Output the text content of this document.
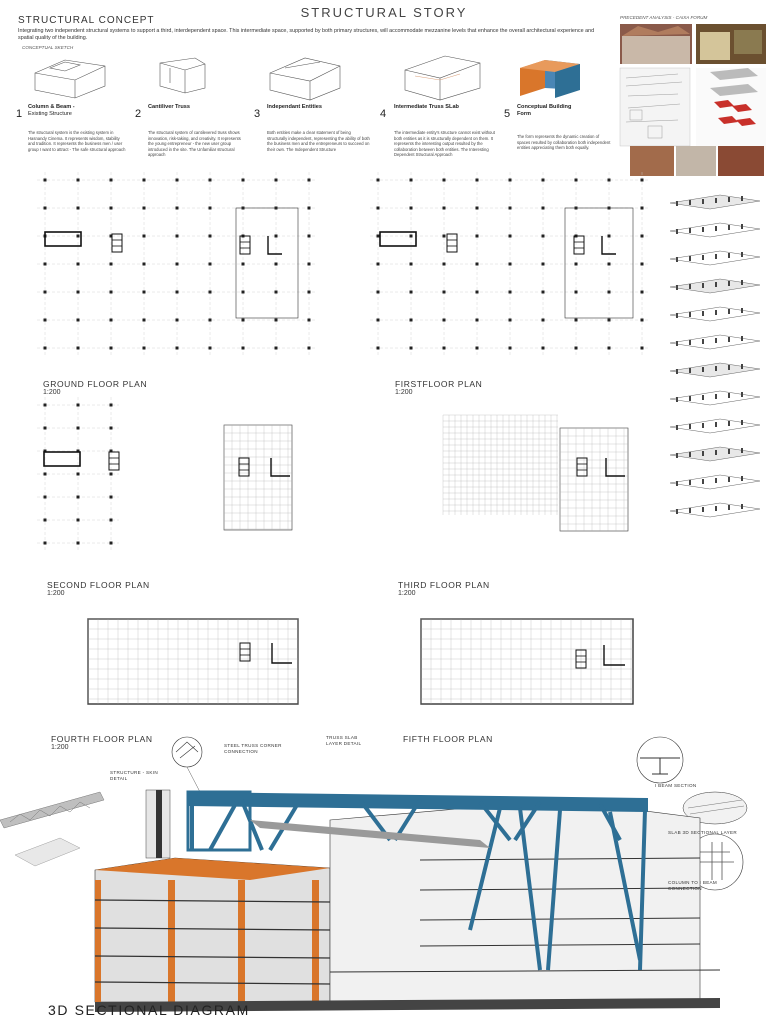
STRUCTURAL STORY
STRUCTURAL CONCEPT
Integrating two independent structural systems to support a third, interdependent space. This intermediate space, supported by both primary structures, will accommodate mezzanine levels that enhance the overall architectural experience and spatial quality of the building.
CONCEPTUAL SKETCH
PRECEDENT ANALYSIS - CAIXA FORUM
1
Column & Beam -
Existing Structure
The structural system is the existing system in Hasnandy Cinema. It represents wisdom, stability and tradition. It represents the business men / user group I want to attract - The safe structural approach
2
Cantiliver Truss
The structural system of cantilevered truss shows innovation, risk-taking, and creativity. It represents the young entrepreneur - the new user group introduced in the site. The Unfamiliar structural approach
3
Independant Entities
Both entities make a clear statement of being structurally independent, representing the ability of both the business men and the entrepreneurs to succeed on their own. The Independent Structure
4
Intermediate Truss SLab
The intermediate entity's structure cannot exist without both entities as it is structurally dependent on them. It represents the interesting output resulted by the collaboration between both entities. The Interesting Dependent Structural Approach
5
Conceptual Building
Form
The form represents the dynamic creation of spaces resulted by collaboration both independent entities appreciating them both equally.
GROUND FLOOR PLAN
1:200
FIRSTFLOOR PLAN
1:200
SECOND FLOOR PLAN
1:200
THIRD FLOOR PLAN
1:200
FOURTH FLOOR PLAN
1:200
FIFTH FLOOR PLAN
STEEL TRUSS CORNER CONNECTION
TRUSS SLAB LAYER DETAIL
STRUCTURE - SKIN DETAIL
I BEAM SECTION
SLAB 3D SECTIONAL LAYER
COLUMN TO I BEAM CONNECTION
3D SECTIONAL DIAGRAM
